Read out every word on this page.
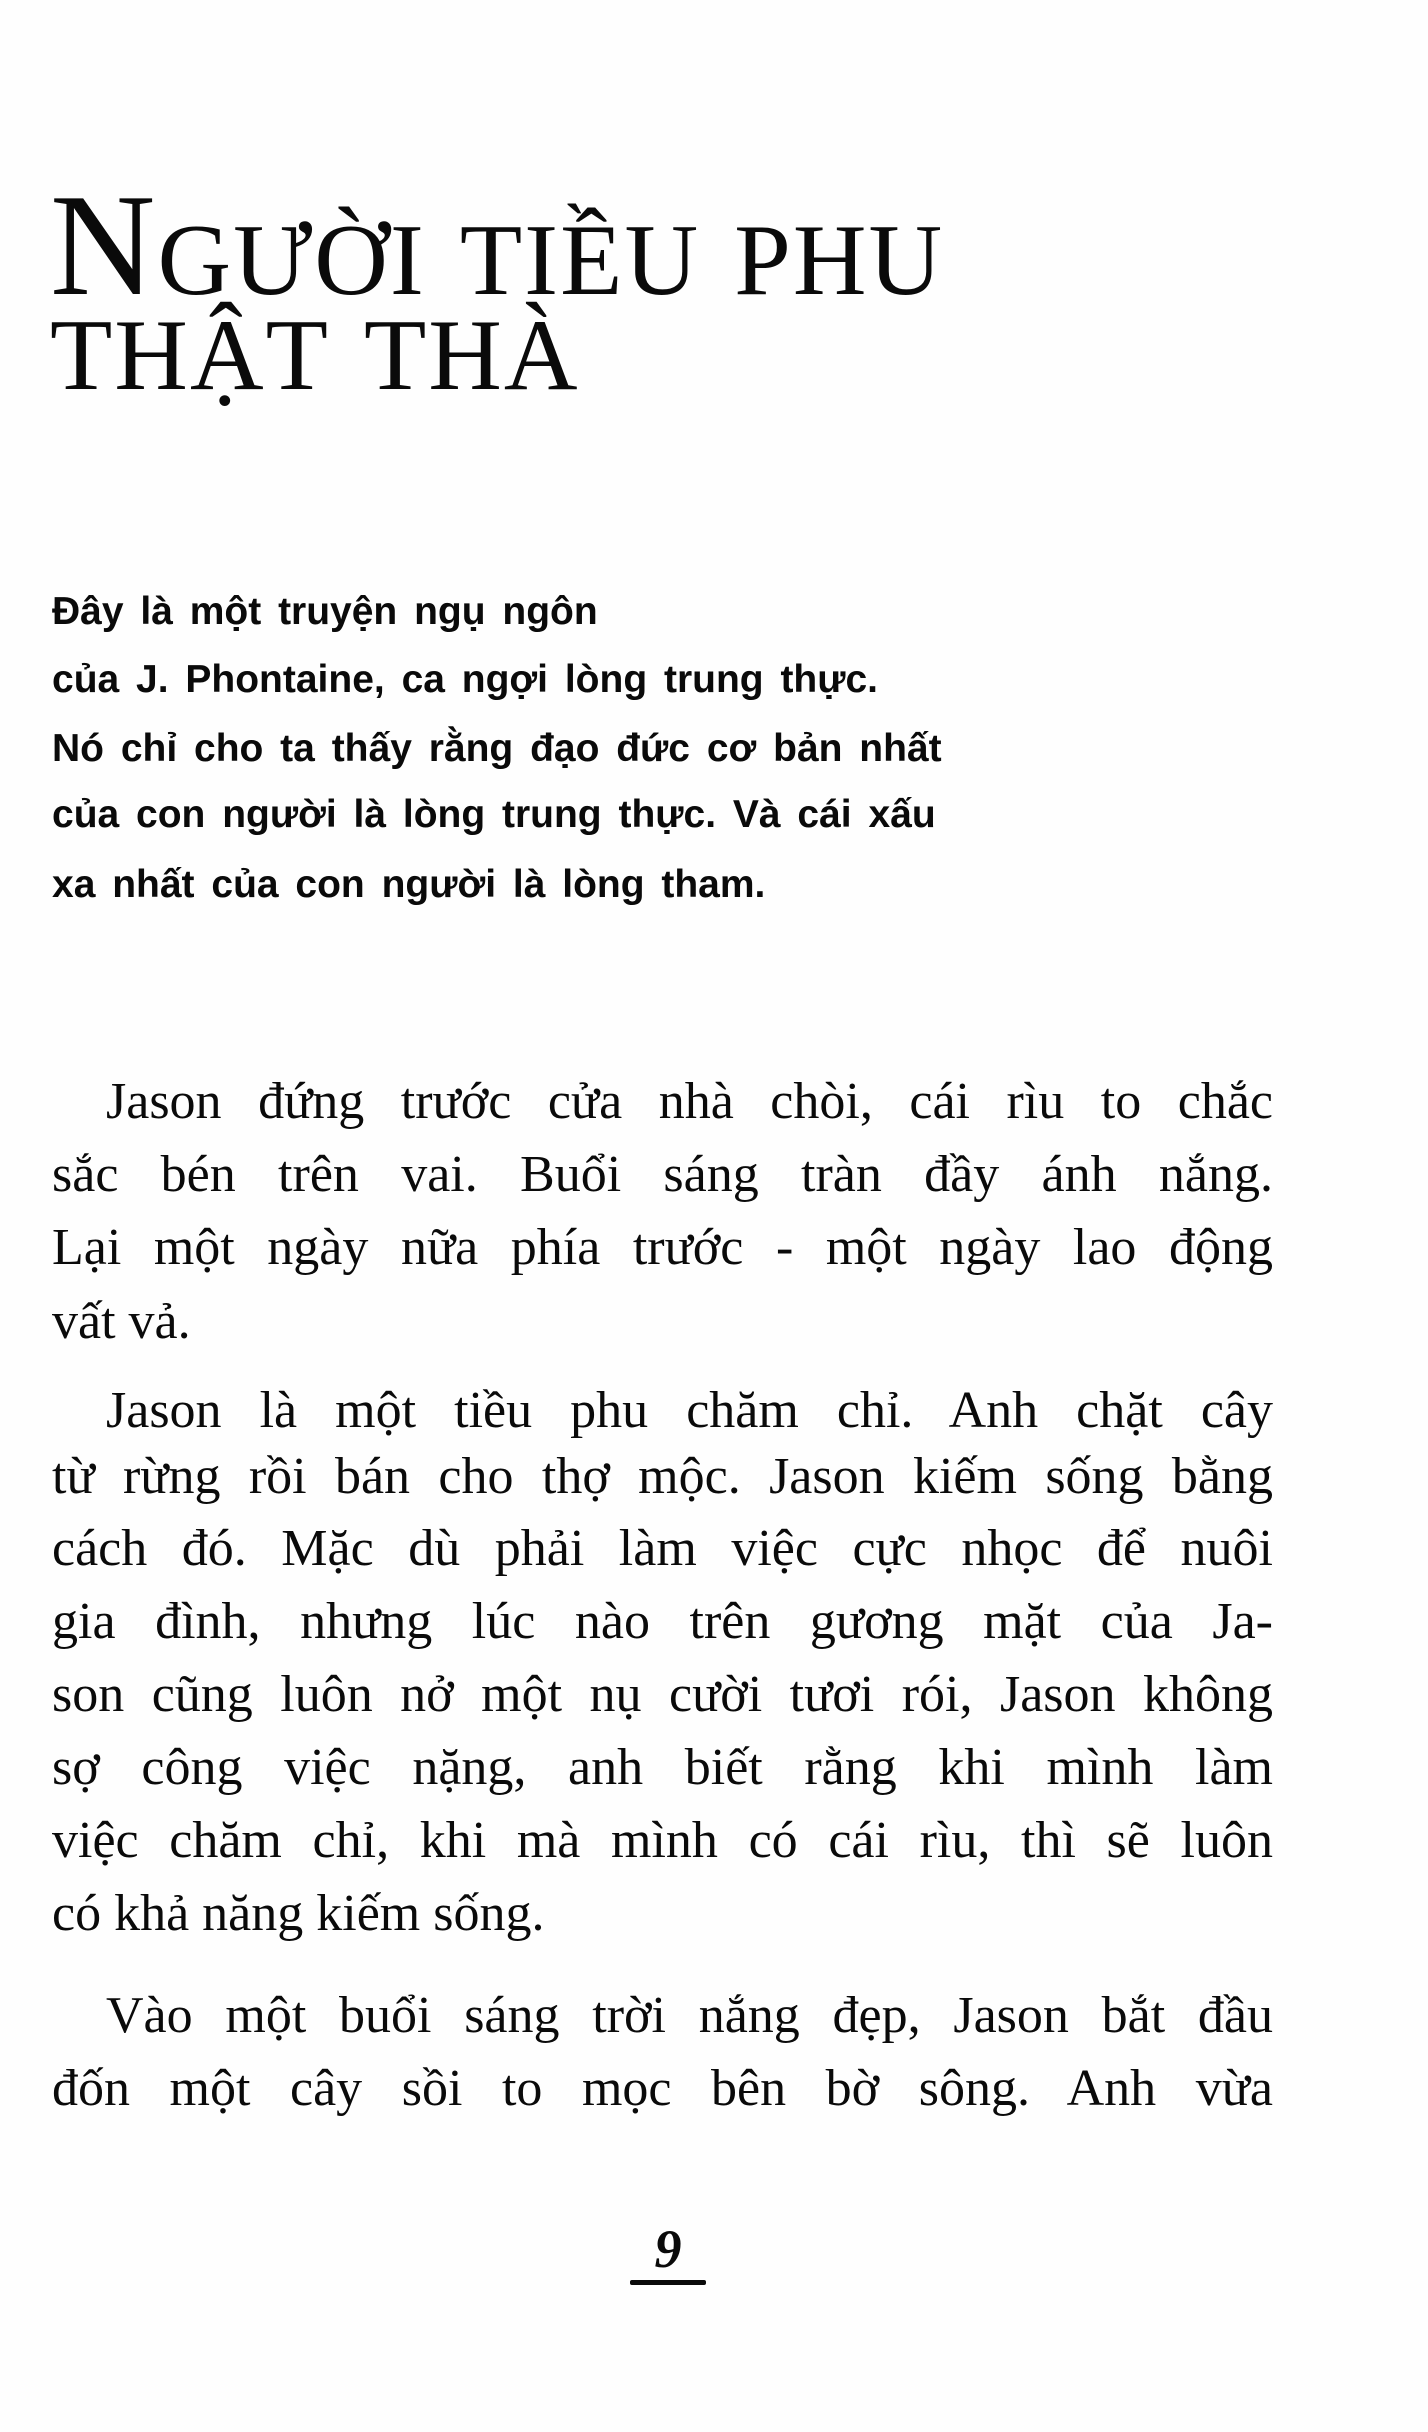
NGƯỜI TIỀU PHU
THẬT THÀ
Đây là một truyện ngụ ngôn
của J. Phontaine, ca ngợi lòng trung thực.
Nó chỉ cho ta thấy rằng đạo đức cơ bản nhất
của con người là lòng trung thực. Và cái xấu
xa nhất của con người là lòng tham.
Jason đứng trước cửa nhà chòi, cái rìu to chắc
sắc bén trên vai. Buổi sáng tràn đầy ánh nắng.
Lại một ngày nữa phía trước - một ngày lao động
vất vả.
Jason là một tiều phu chăm chỉ. Anh chặt cây
từ rừng rồi bán cho thợ mộc. Jason kiếm sống bằng
cách đó. Mặc dù phải làm việc cực nhọc để nuôi
gia đình, nhưng lúc nào trên gương mặt của Ja-
son cũng luôn nở một nụ cười tươi rói, Jason không
sợ công việc nặng, anh biết rằng khi mình làm
việc chăm chỉ, khi mà mình có cái rìu, thì sẽ luôn
có khả năng kiếm sống.
Vào một buổi sáng trời nắng đẹp, Jason bắt đầu
đốn một cây sồi to mọc bên bờ sông. Anh vừa
9
